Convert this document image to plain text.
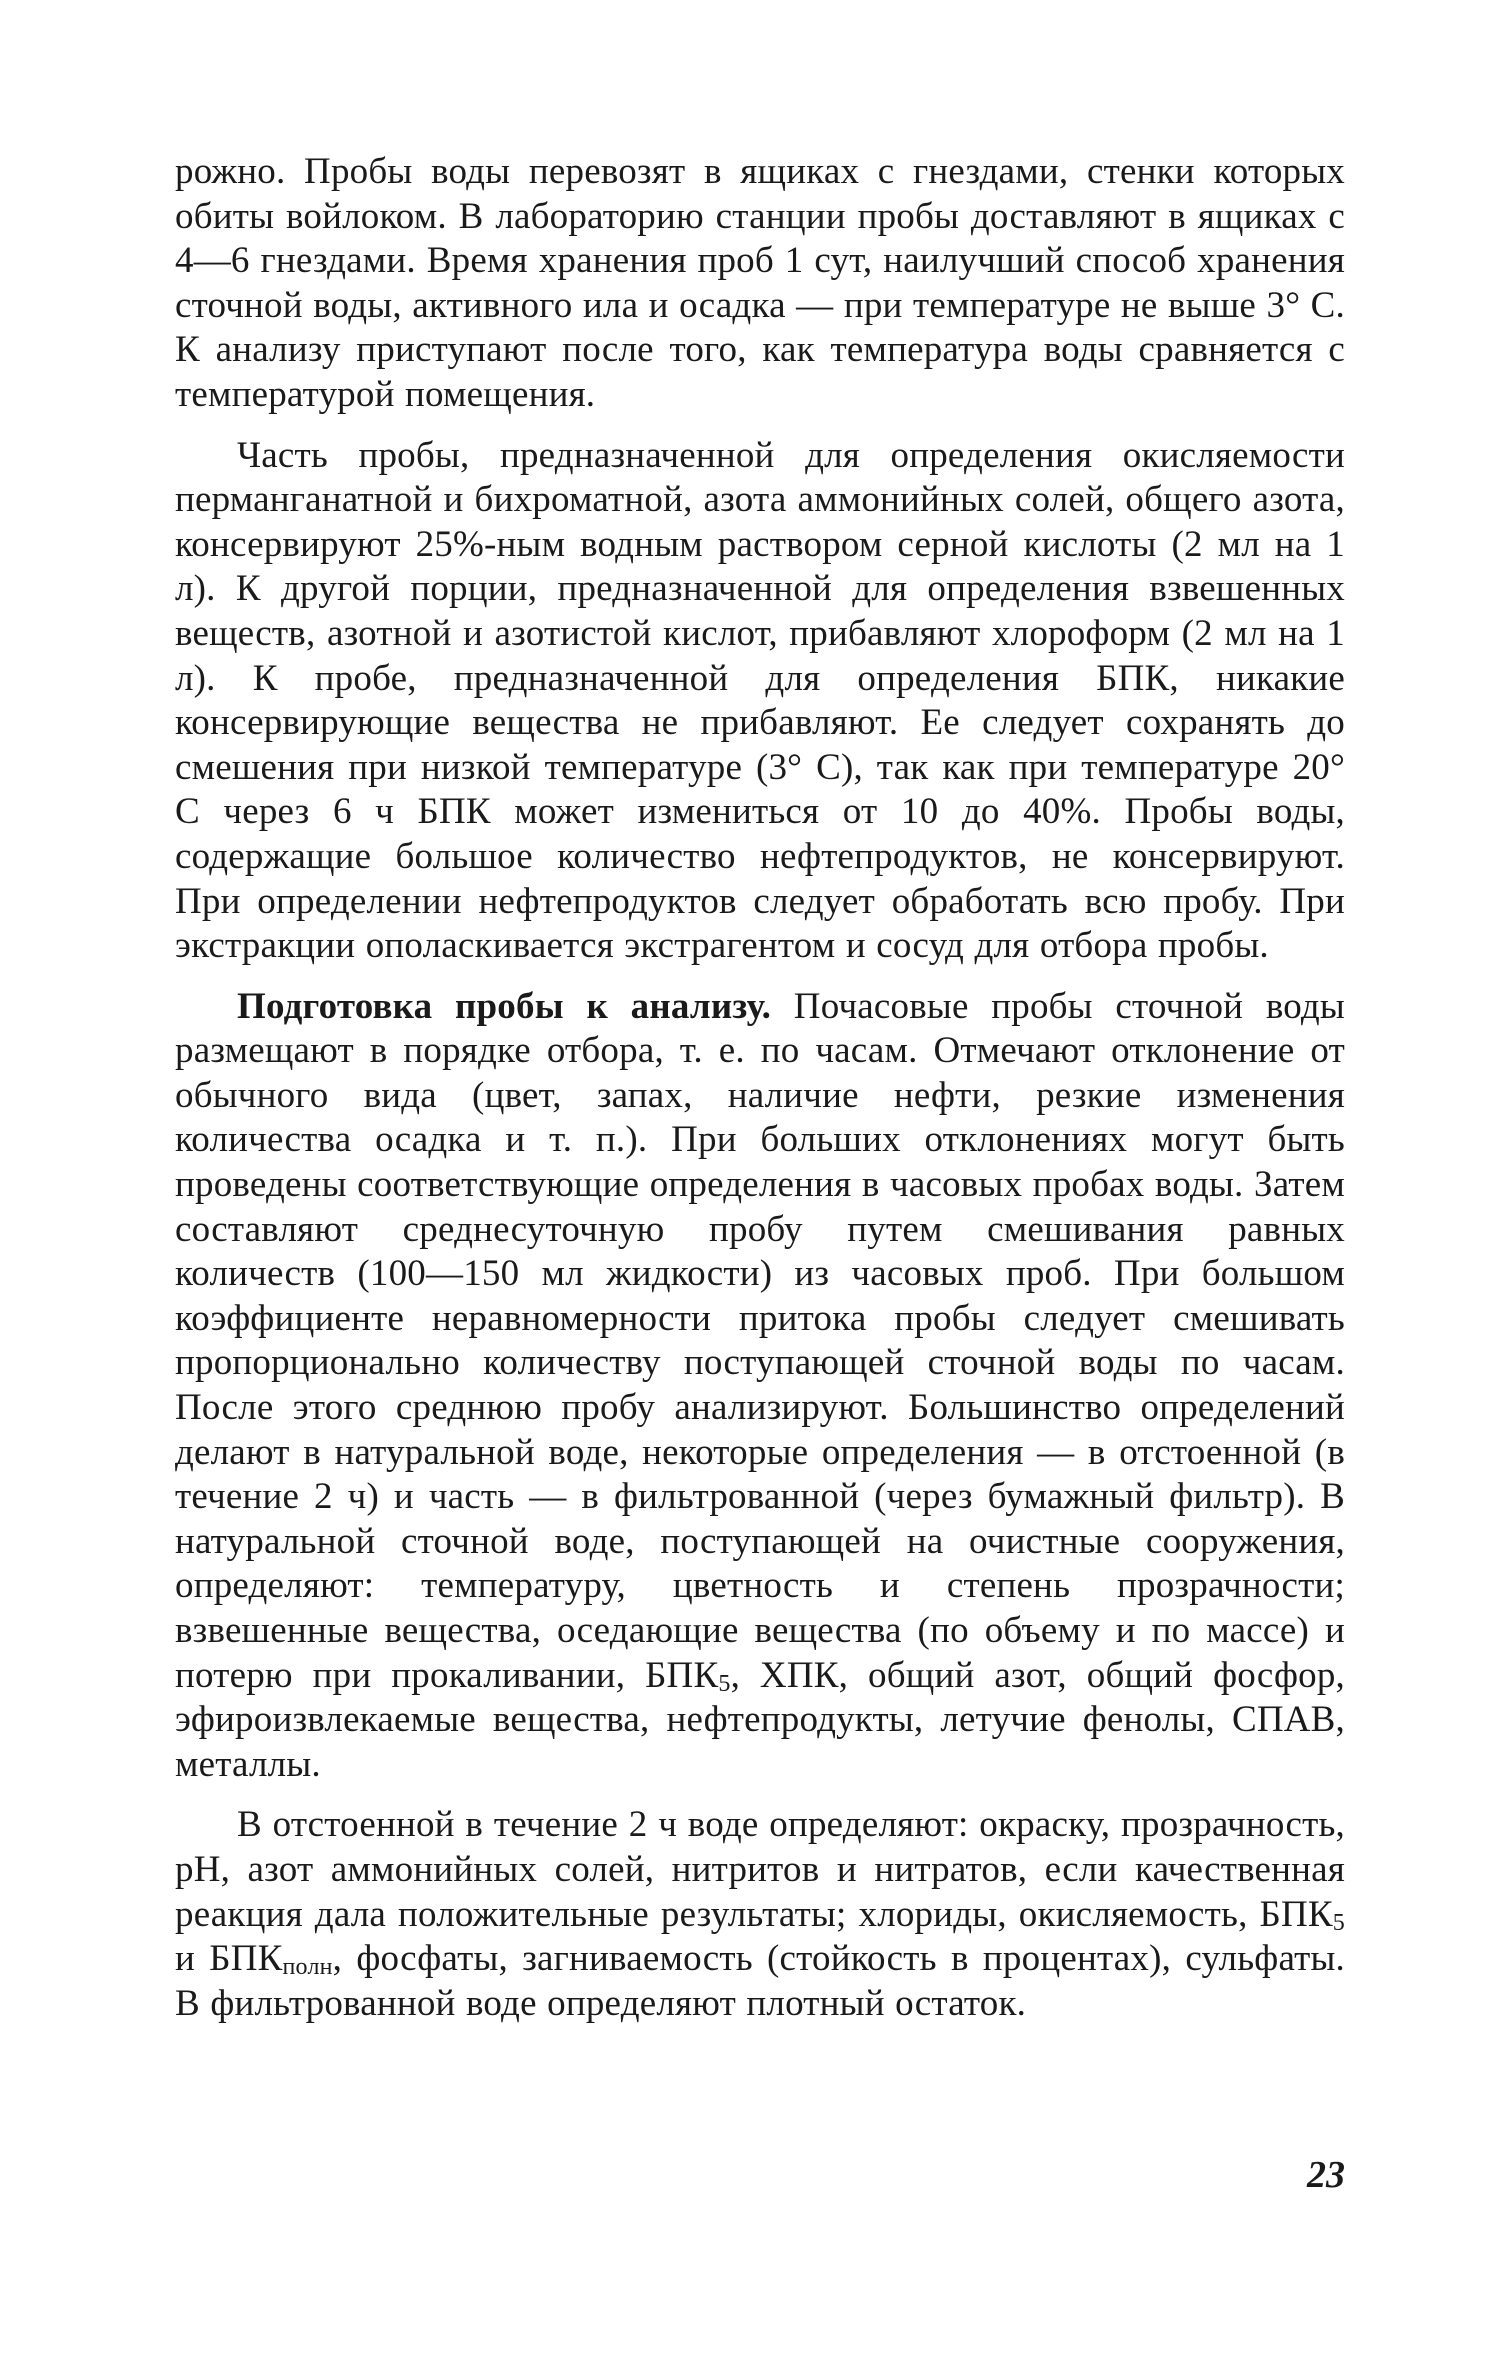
рожно. Пробы воды перевозят в ящиках с гнездами, стенки которых обиты войлоком. В лабораторию станции пробы доставляют в ящиках с 4—6 гнездами. Время хранения проб 1 сут, наилучший способ хранения сточной воды, активного ила и осадка — при температуре не выше 3° С. К анализу приступают после того, как температура воды сравняется с температурой помещения.

Часть пробы, предназначенной для определения окисляемости перманганатной и бихроматной, азота аммонийных солей, общего азота, консервируют 25%-ным водным раствором серной кислоты (2 мл на 1 л). К другой порции, предназначенной для определения взвешенных веществ, азотной и азотистой кислот, прибавляют хлороформ (2 мл на 1 л). К пробе, предназначенной для определения БПК, никакие консервирующие вещества не прибавляют. Ее следует сохранять до смешения при низкой температуре (3° С), так как при температуре 20° С через 6 ч БПК может измениться от 10 до 40%. Пробы воды, содержащие большое количество нефтепродуктов, не консервируют. При определении нефтепродуктов следует обработать всю пробу. При экстракции ополаскивается экстрагентом и сосуд для отбора пробы.

Подготовка пробы к анализу. Почасовые пробы сточной воды размещают в порядке отбора, т. е. по часам. Отмечают отклонение от обычного вида (цвет, запах, наличие нефти, резкие изменения количества осадка и т. п.). При больших отклонениях могут быть проведены соответствующие определения в часовых пробах воды. Затем составляют среднесуточную пробу путем смешивания равных количеств (100—150 мл жидкости) из часовых проб. При большом коэффициенте неравномерности притока пробы следует смешивать пропорционально количеству поступающей сточной воды по часам. После этого среднюю пробу анализируют. Большинство определений делают в натуральной воде, некоторые определения — в отстоенной (в течение 2 ч) и часть — в фильтрованной (через бумажный фильтр). В натуральной сточной воде, поступающей на очистные сооружения, определяют: температуру, цветность и степень прозрачности; взвешенные вещества, оседающие вещества (по объему и по массе) и потерю при прокаливании, $БПК_5$, ХПК, общий азот, общий фосфор, эфироизвлекаемые вещества, нефтепродукты, летучие фенолы, СПАВ, металлы.

В отстоенной в течение 2 ч воде определяют: окраску, прозрачность, pH, азот аммонийных солей, нитритов и нитратов, если качественная реакция дала положительные результаты; хлориды, окисляемость, $БПК_5$ и $БПК_{полн}$, фосфаты, загниваемость (стойкость в процентах), сульфаты. В фильтрованной воде определяют плотный остаток.

23
